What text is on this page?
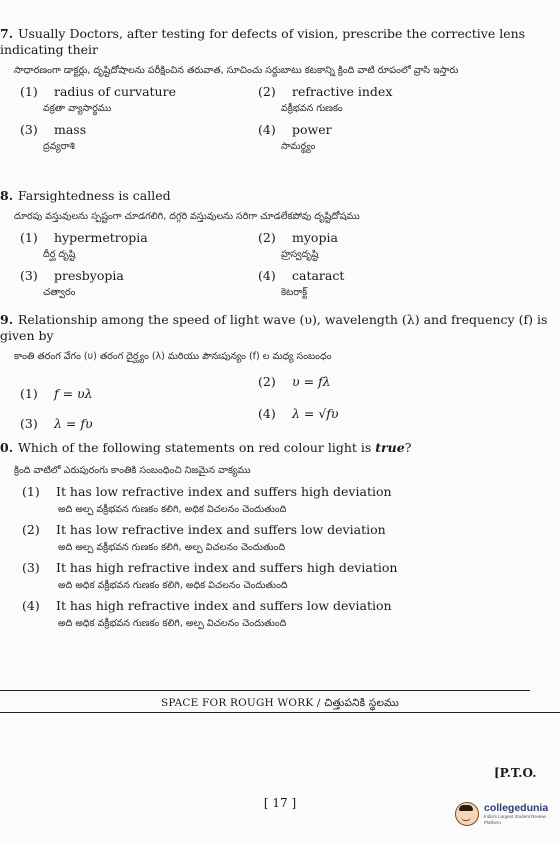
7. Usually Doctors, after testing for defects of vision, prescribe the corrective lens indicating their
సాధారణంగా డాక్టర్లు, దృష్టిదోషాలను పరీక్షించిన తరువాత, సూచించు సర్దుబాటు కటకాన్ని క్రింది వాటి రూపంలో వ్రాసి ఇస్తారు
(1) radius of curvature
వక్రతా వ్యాసార్థము
(2) refractive index
వక్రీభవన గుణకం
(3) mass
ద్రవ్యరాశి
(4) power
సామర్థ్యం
8. Farsightedness is called
దూరపు వస్తువులను స్పష్టంగా చూడగలిగి, దగ్గరి వస్తువులను సరిగా చూడలేకపోవు దృష్టిదోషము
(1) hypermetropia
దీర్ఘ దృష్టి
(2) myopia
హ్రస్వదృష్టి
(3) presbyopia
చత్వారం
(4) cataract
కెటరాక్ట్
9. Relationship among the speed of light wave (υ), wavelength (λ) and frequency (f) is given by
కాంతి తరంగ వేగం (υ) తరంగ దైర్ఘ్యం (λ) మరియు పౌనఃపున్యం (f) ల మధ్య సంబంధం
(1) f = υλ
(2) υ = fλ
(3) λ = fυ
(4) λ = √fυ
0. Which of the following statements on red colour light is true?
క్రింది వాటిలో ఎరుపురంగు కాంతికి సంబంధించి నిజమైన వాక్యము
(1) It has low refractive index and suffers high deviation
అది అల్ప వక్రీభవన గుణకం కలిగి, అధిక విచలనం చెందుతుంది
(2) It has low refractive index and suffers low deviation
అది అల్ప వక్రీభవన గుణకం కలిగి, అల్ప విచలనం చెందుతుంది
(3) It has high refractive index and suffers high deviation
అది అధిక వక్రీభవన గుణకం కలిగి, అధిక విచలనం చెందుతుంది
(4) It has high refractive index and suffers low deviation
అది అధిక వక్రీభవన గుణకం కలిగి, అల్ప విచలనం చెందుతుంది
SPACE FOR ROUGH WORK / చిత్తుపనికి స్థలము
[P.T.O.
[ 17 ]	collegedunia
India's Largest Student Review Platform
